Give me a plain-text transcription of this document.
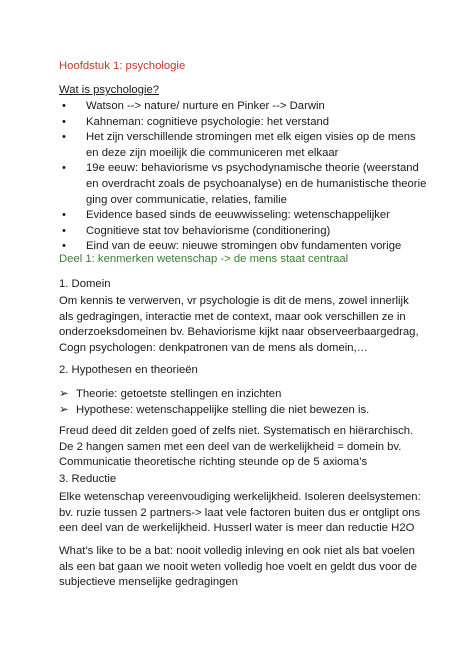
Hoofdstuk 1: psychologie
Wat is psychologie?
• Watson --> nature/ nurture en Pinker --> Darwin
• Kahneman: cognitieve psychologie: het verstand
• Het zijn verschillende stromingen met elk eigen visies op de mens en deze zijn moeilijk die communiceren met elkaar
• 19e eeuw: behaviorisme vs psychodynamische theorie (weerstand en overdracht zoals de psychoanalyse) en de humanistische theorie ging over communicatie, relaties, familie
• Evidence based sinds de eeuwwisseling: wetenschappelijker
• Cognitieve stat tov behaviorisme (conditionering)
• Eind van de eeuw: nieuwe stromingen obv fundamenten vorige
Deel 1: kenmerken wetenschap -> de mens staat centraal
1. Domein

Om kennis te verwerven, vr psychologie is dit de mens, zowel innerlijk als gedragingen, interactie met de context, maar ook verschillen ze in onderzoeksdomeinen bv. Behaviorisme kijkt naar observeerbaargedrag, Cogn psychologen: denkpatronen van de mens als domein,…

2. Hypothesen en theorieën
➢ Theorie: getoetste stellingen en inzichten
➢ Hypothese: wetenschappelijke stelling die niet bewezen is.

Freud deed dit zelden goed of zelfs niet. Systematisch en hiërarchisch. De 2 hangen samen met een deel van de werkelijkheid = domein bv. Communicatie theoretische richting steunde op de 5 axioma’s

3. Reductie

Elke wetenschap vereenvoudiging werkelijkheid. Isoleren deelsystemen: bv. ruzie tussen 2 partners-> laat vele factoren buiten dus er ontglipt ons een deel van de werkelijkheid. Husserl water is meer dan reductie H2O

What’s like to be a bat: nooit volledig inleving en ook niet als bat voelen als een bat gaan we nooit weten volledig hoe voelt en geldt dus voor de subjectieve menselijke gedragingen
